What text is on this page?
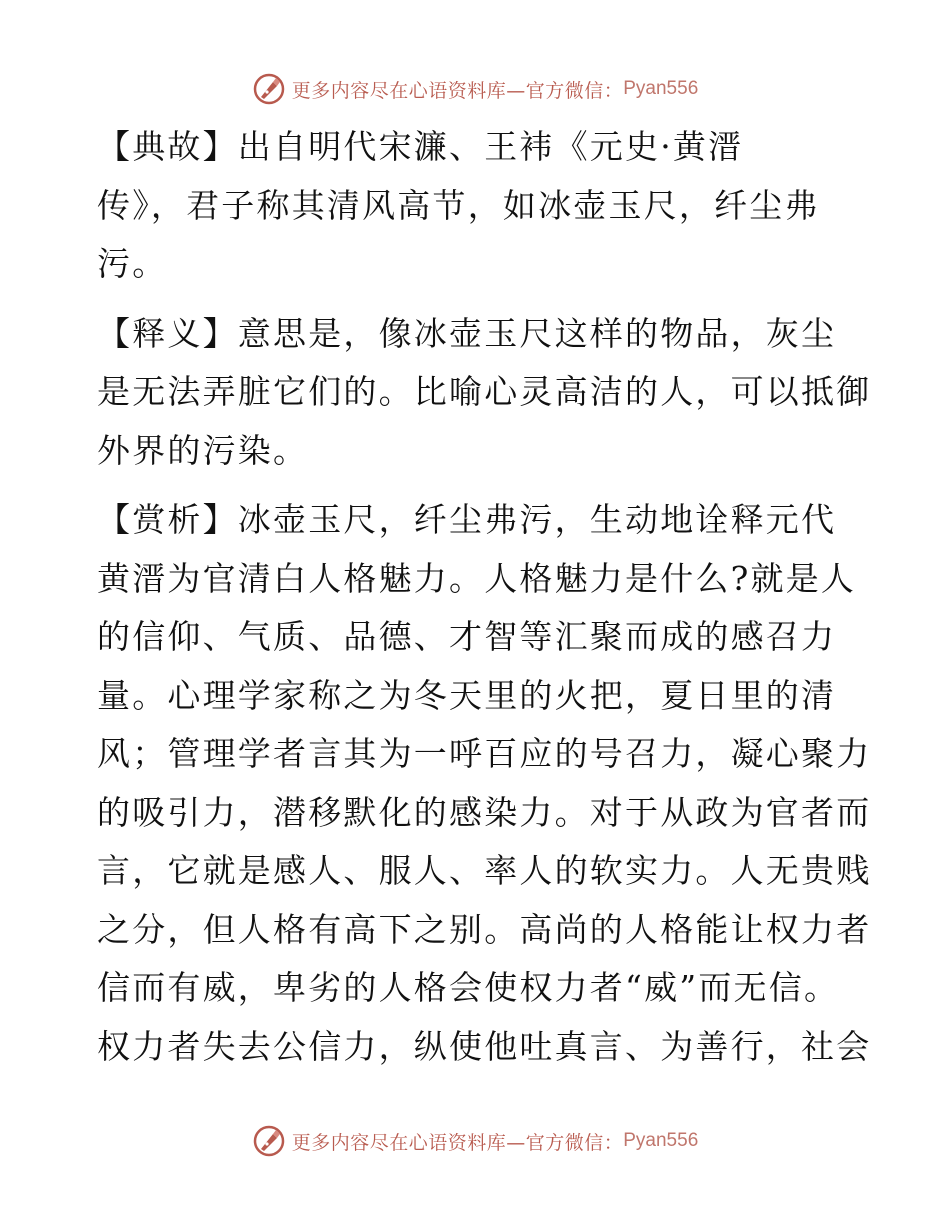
更多内容尽在心语资料库—官方微信： Pyan556

【典故】出自明代宋濂、王袆《元史·黄溍
传》，君子称其清风高节，如冰壶玉尺，纤尘弗
污。

【释义】意思是，像冰壶玉尺这样的物品，灰尘
是无法弄脏它们的。比喻心灵高洁的人，可以抵御
外界的污染。

【赏析】冰壶玉尺，纤尘弗污，生动地诠释元代
黄溍为官清白人格魅力。人格魅力是什么?就是人
的信仰、气质、品德、才智等汇聚而成的感召力
量。心理学家称之为冬天里的火把，夏日里的清
风；管理学者言其为一呼百应的号召力，凝心聚力
的吸引力，潜移默化的感染力。对于从政为官者而
言，它就是感人、服人、率人的软实力。人无贵贱
之分，但人格有高下之别。高尚的人格能让权力者
信而有威，卑劣的人格会使权力者“威”而无信。
权力者失去公信力，纵使他吐真言、为善行，社会

更多内容尽在心语资料库—官方微信： Pyan556
